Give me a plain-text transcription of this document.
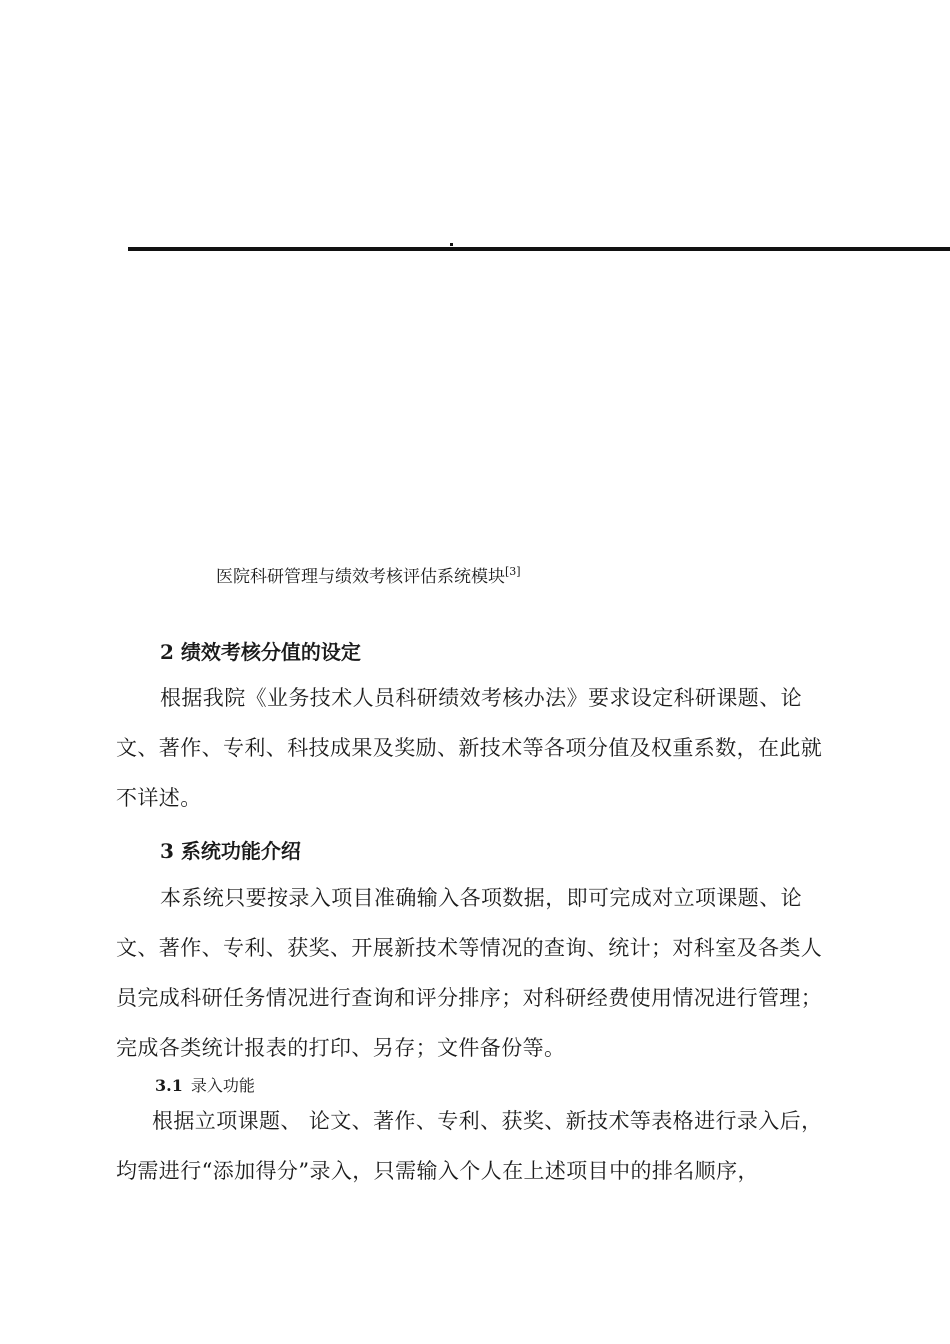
医院科研管理与绩效考核评估系统模块[3]
2 绩效考核分值的设定

根据我院《业务技术人员科研绩效考核办法》要求设定科研课题、论文、著作、专利、科技成果及奖励、新技术等各项分值及权重系数，在此就不详述。

3 系统功能介绍

本系统只要按录入项目准确输入各项数据，即可完成对立项课题、论文、著作、专利、获奖、开展新技术等情况的查询、统计；对科室及各类人员完成科研任务情况进行查询和评分排序；对科研经费使用情况进行管理；完成各类统计报表的打印、另存；文件备份等。

3.1 录入功能

根据立项课题、 论文、著作、专利、获奖、新技术等表格进行录入后，均需进行“添加得分”录入，只需输入个人在上述项目中的排名顺序，
